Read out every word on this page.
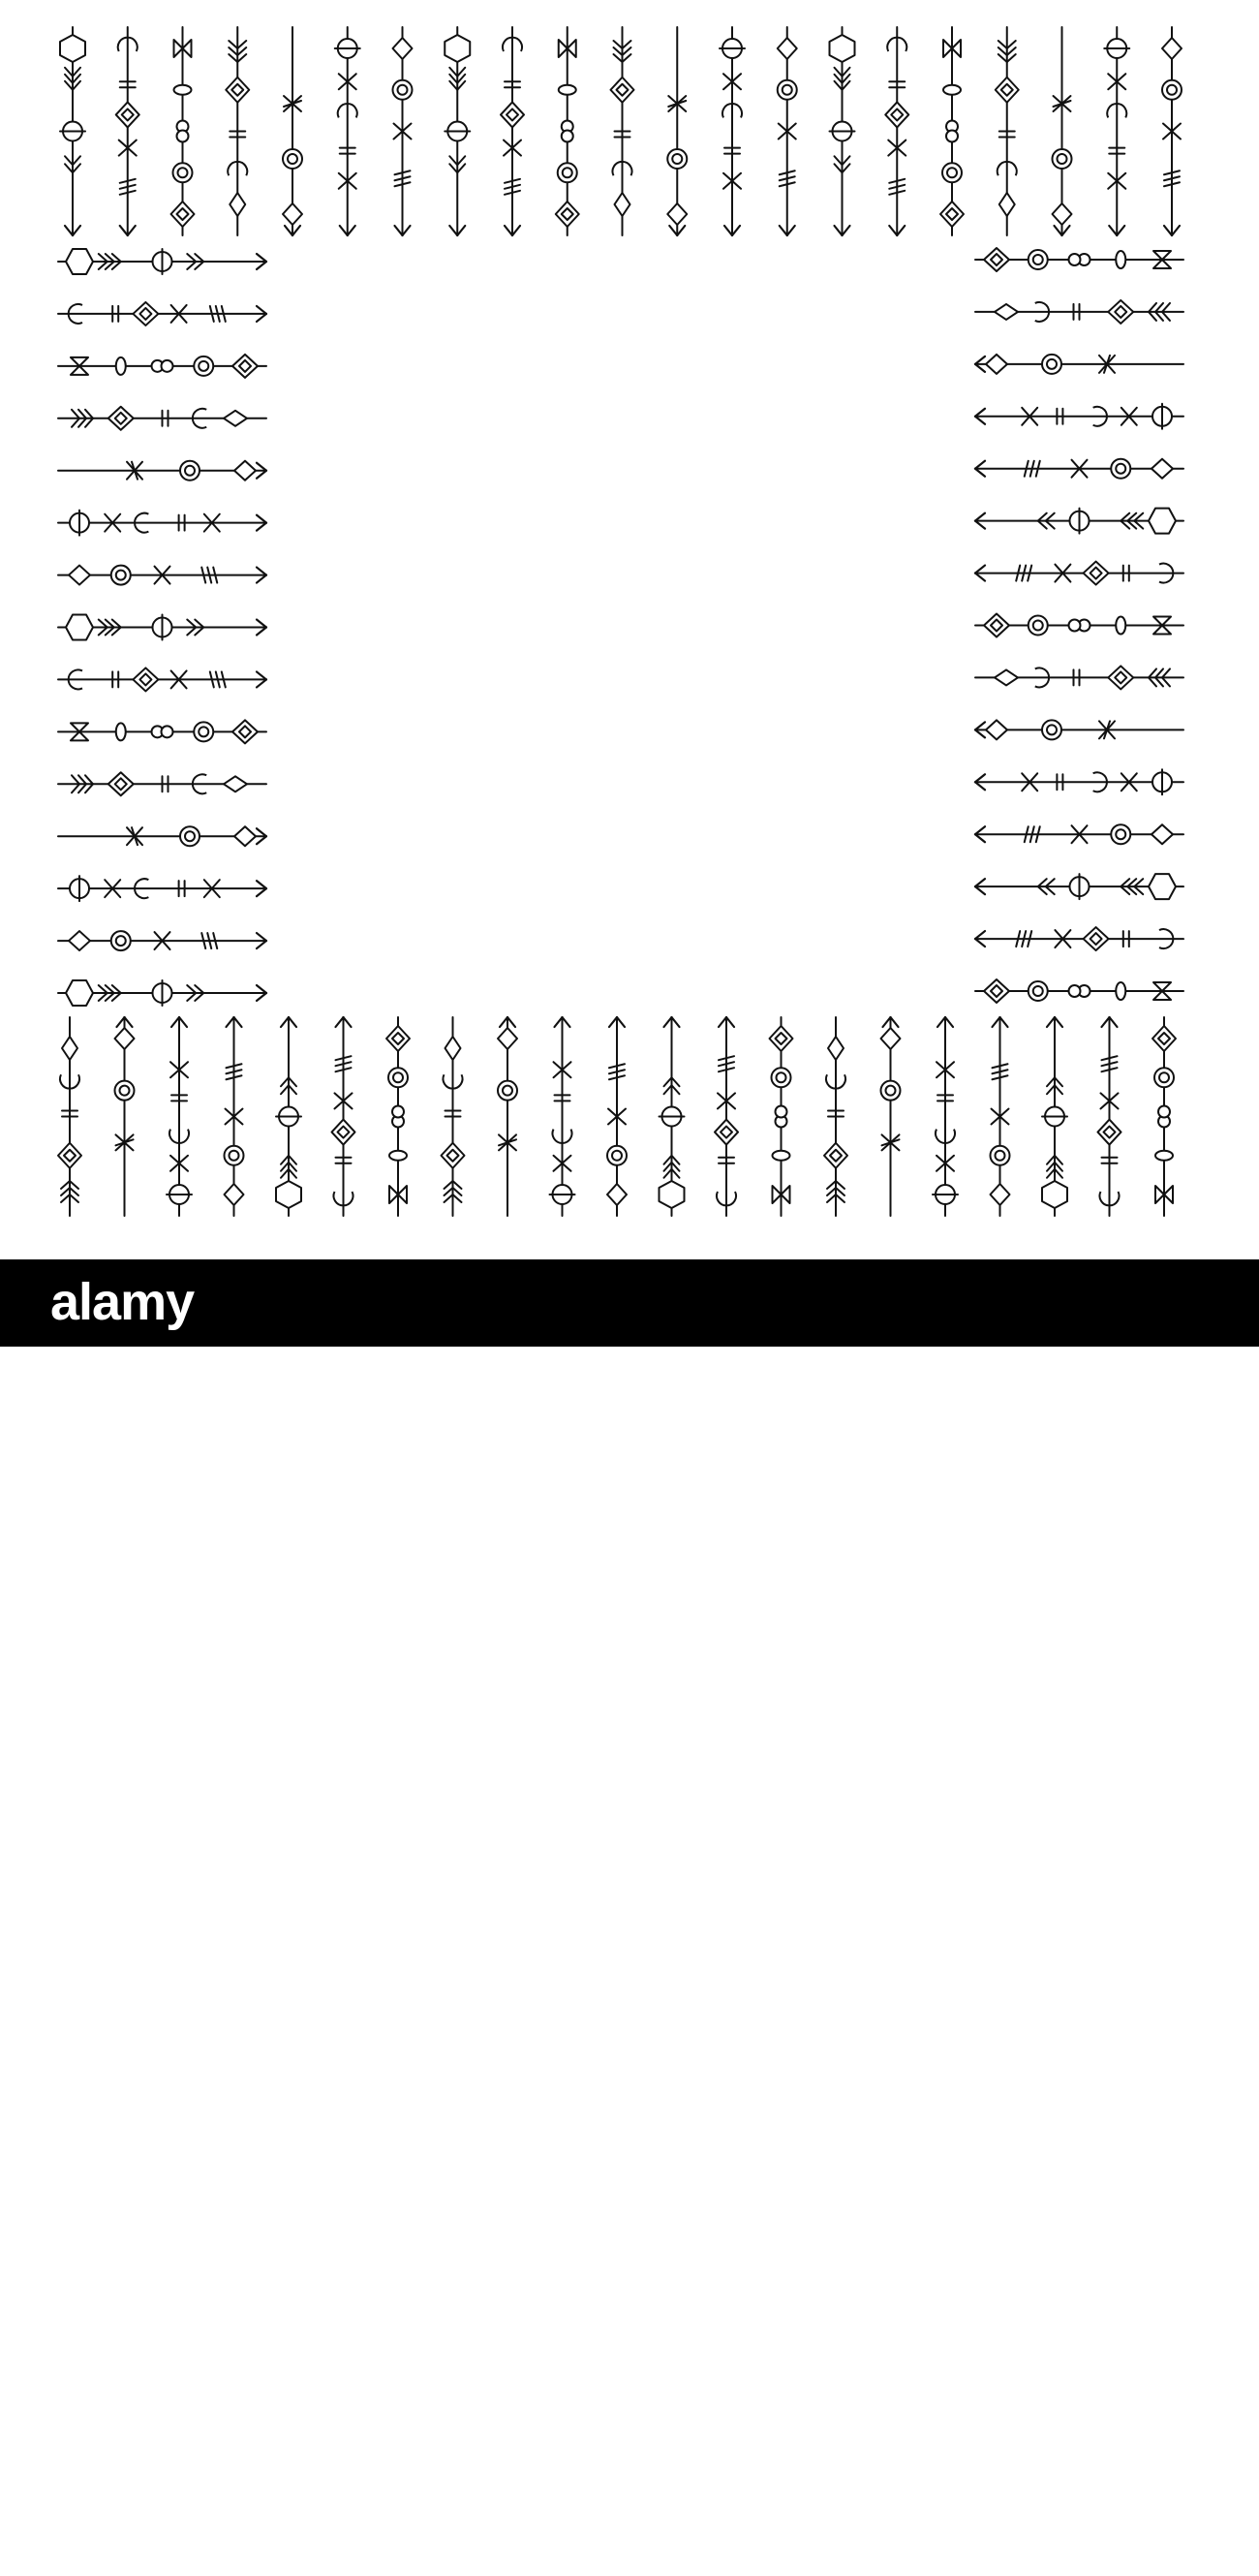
alamy
2T8N2HN
